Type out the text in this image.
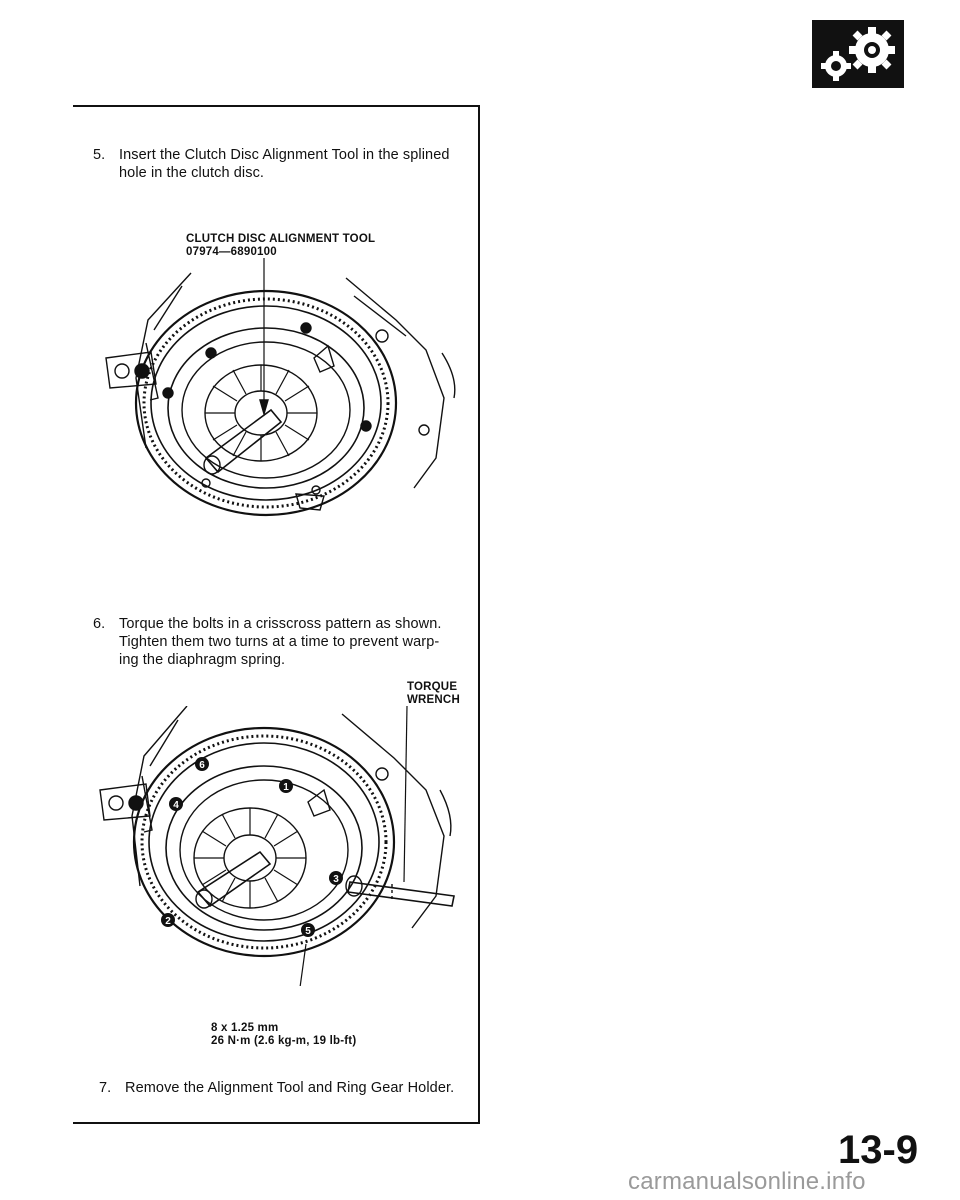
5. Insert the Clutch Disc Alignment Tool in the splined
hole in the clutch disc.
CLUTCH DISC ALIGNMENT TOOL
07974—6890100
6. Torque the bolts in a crisscross pattern as shown.
Tighten them two turns at a time to prevent warp-
ing the diaphragm spring.
TORQUE
WRENCH
6
1
4
3
2
5
8 x 1.25 mm
26 N·m (2.6 kg-m, 19 lb-ft)
7. Remove the Alignment Tool and Ring Gear Holder.
13-9
carmanualsonline.info
